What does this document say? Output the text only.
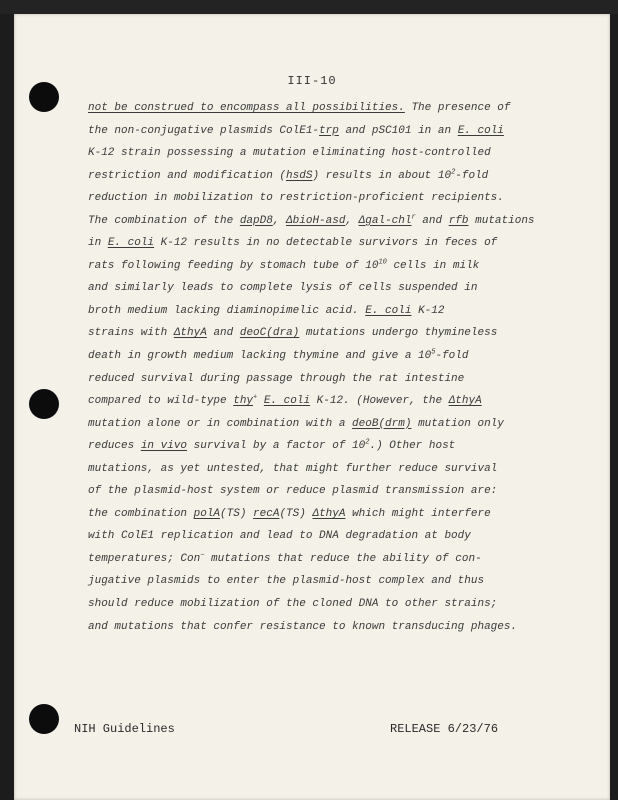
III-10
not be construed to encompass all possibilities. The presence of
the non-conjugative plasmids ColE1-trp and pSC101 in an E. coli
K-12 strain possessing a mutation eliminating host-controlled
restriction and modification (hsdS) results in about $10^2$-fold
reduction in mobilization to restriction-proficient recipients.
The combination of the dapD8, ΔbioH-asd, Δgal-chl$^r$ and rfb mutations
in E. coli K-12 results in no detectable survivors in feces of
rats following feeding by stomach tube of $10^{10}$ cells in milk
and similarly leads to complete lysis of cells suspended in
broth medium lacking diaminopimelic acid. E. coli K-12
strains with ΔthyA and deoC(dra) mutations undergo thymineless
death in growth medium lacking thymine and give a $10^5$-fold
reduced survival during passage through the rat intestine
compared to wild-type thy+ E. coli K-12. (However, the ΔthyA
mutation alone or in combination with a deoB(drm) mutation only
reduces in vivo survival by a factor of $10^2$.) Other host
mutations, as yet untested, that might further reduce survival
of the plasmid-host system or reduce plasmid transmission are:
the combination polA(TS) recA(TS) ΔthyA which might interfere
with ColE1 replication and lead to DNA degradation at body
temperatures; Con− mutations that reduce the ability of con-
jugative plasmids to enter the plasmid-host complex and thus
should reduce mobilization of the cloned DNA to other strains;
and mutations that confer resistance to known transducing phages.
NIH Guidelines	RELEASE 6/23/76
